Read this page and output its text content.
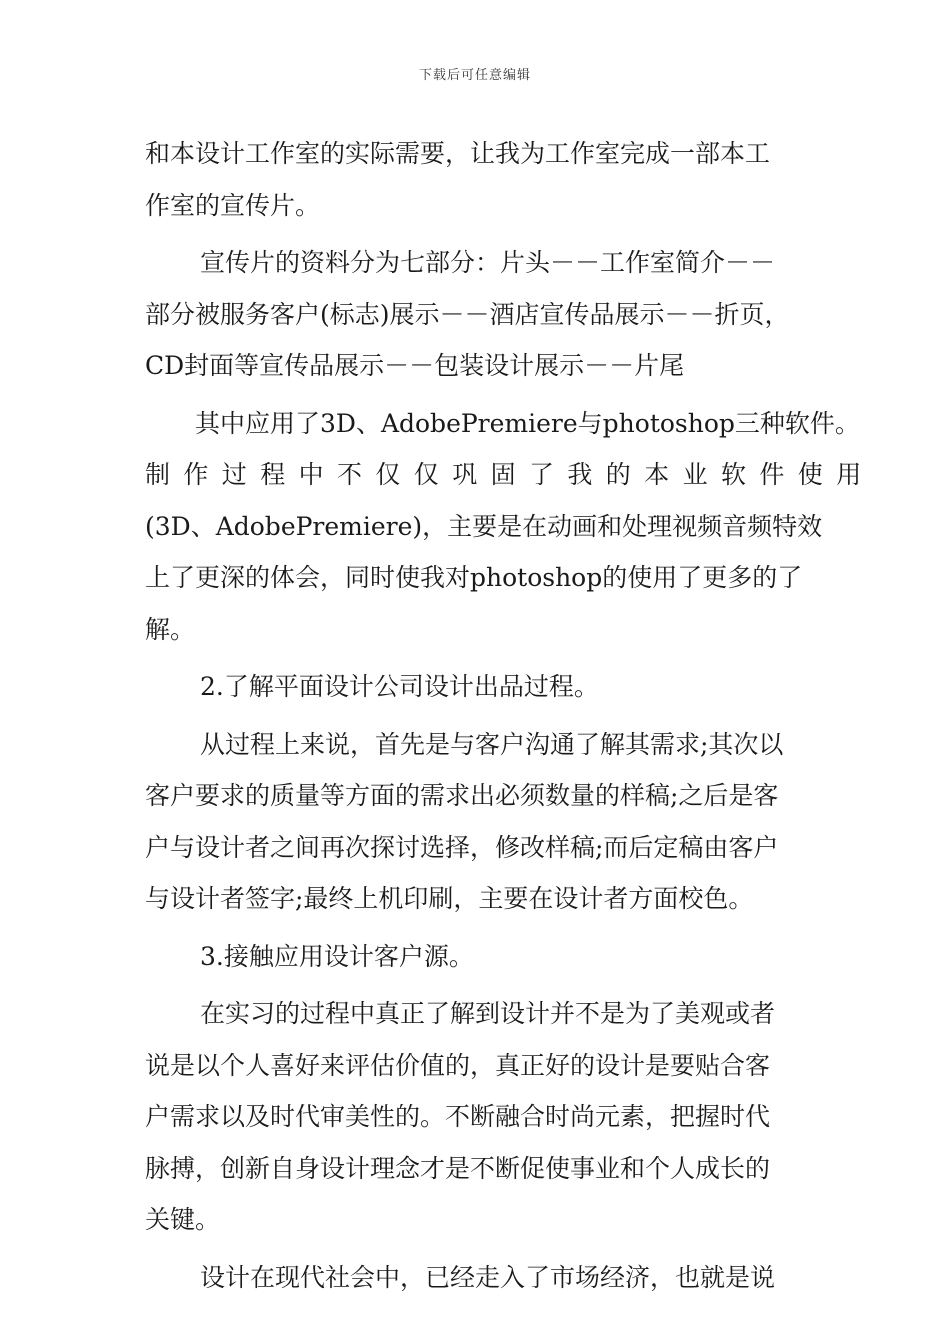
下载后可任意编辑
和本设计工作室的实际需要，让我为工作室完成一部本工
作室的宣传片。
宣传片的资料分为七部分：片头－－工作室简介－－
部分被服务客户(标志)展示－－酒店宣传品展示－－折页，
CD封面等宣传品展示－－包装设计展示－－片尾
其中应用了3D、AdobePremiere与photoshop三种软件。
制作过程中不仅仅巩固了我的本业软件使用
(3D、AdobePremiere)，主要是在动画和处理视频音频特效
上了更深的体会，同时使我对photoshop的使用了更多的了
解。
2.了解平面设计公司设计出品过程。
从过程上来说，首先是与客户沟通了解其需求;其次以
客户要求的质量等方面的需求出必须数量的样稿;之后是客
户与设计者之间再次探讨选择，修改样稿;而后定稿由客户
与设计者签字;最终上机印刷，主要在设计者方面校色。
3.接触应用设计客户源。
在实习的过程中真正了解到设计并不是为了美观或者
说是以个人喜好来评估价值的，真正好的设计是要贴合客
户需求以及时代审美性的。不断融合时尚元素，把握时代
脉搏，创新自身设计理念才是不断促使事业和个人成长的
关键。
设计在现代社会中，已经走入了市场经济，也就是说
